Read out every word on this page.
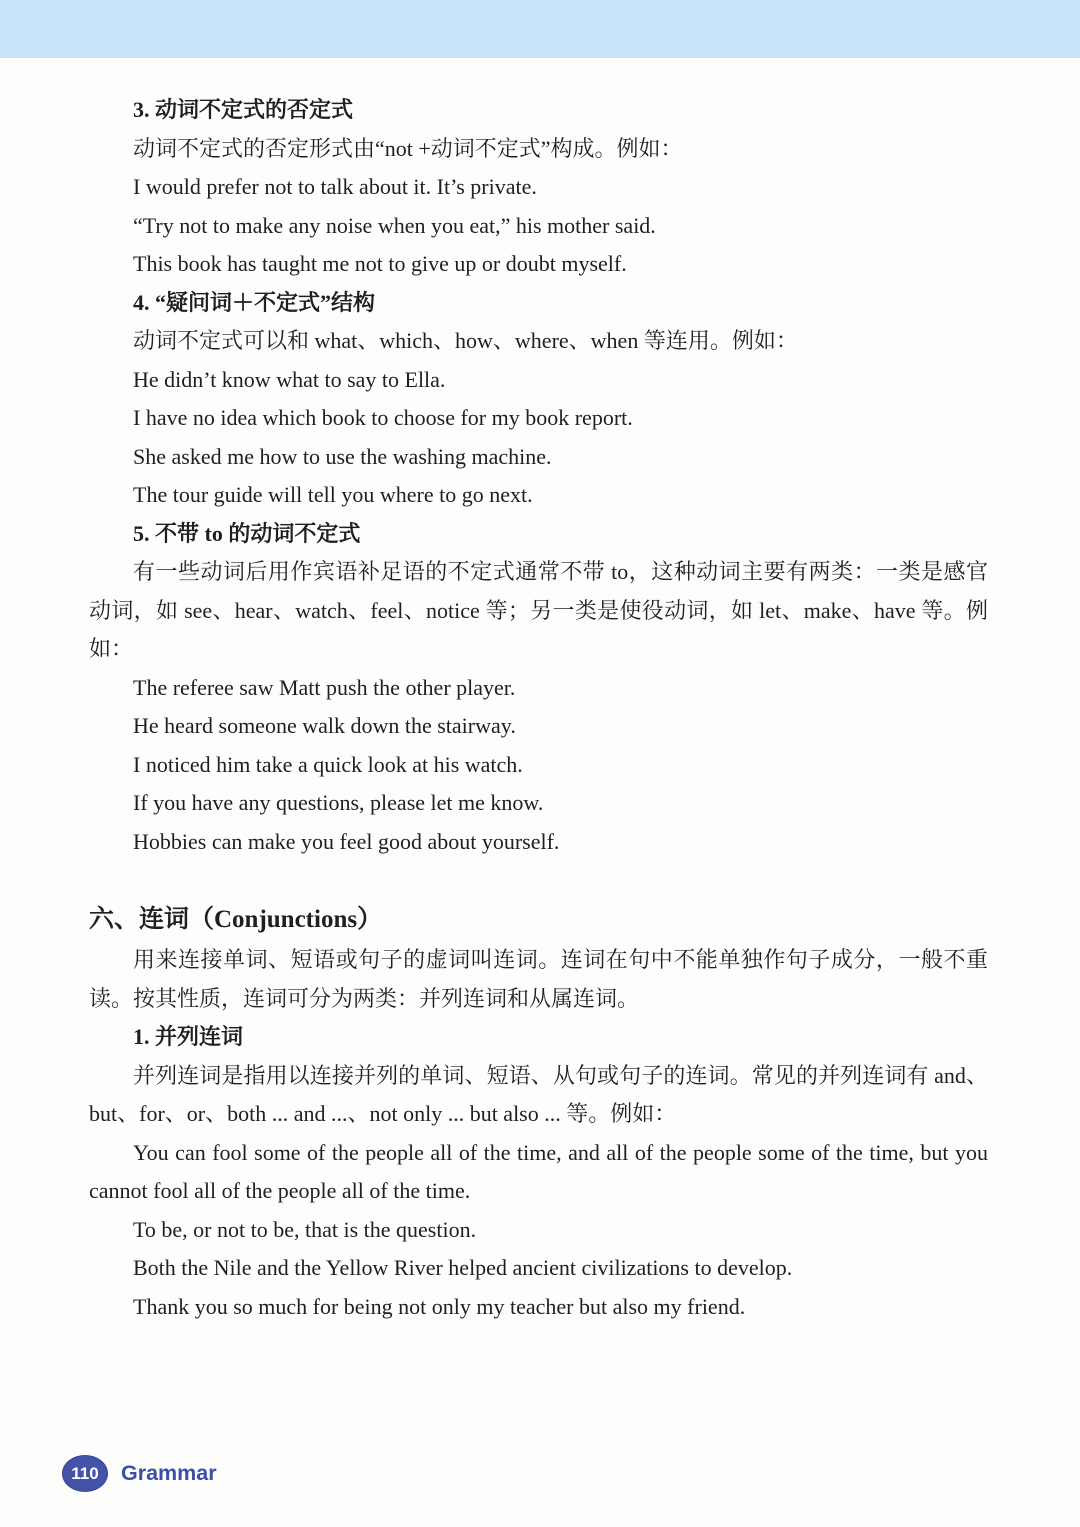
3. 动词不定式的否定式

动词不定式的否定形式由“not +动词不定式”构成。例如：

I would prefer not to talk about it. It’s private.

“Try not to make any noise when you eat,” his mother said.

This book has taught me not to give up or doubt myself.

4. “疑问词＋不定式”结构

动词不定式可以和 what、which、how、where、when 等连用。例如：

He didn’t know what to say to Ella.

I have no idea which book to choose for my book report.

She asked me how to use the washing machine.

The tour guide will tell you where to go next.

5. 不带 to 的动词不定式

有一些动词后用作宾语补足语的不定式通常不带 to，这种动词主要有两类：一类是感官动词，如 see、hear、watch、feel、notice 等；另一类是使役动词，如 let、make、have 等。例如：

The referee saw Matt push the other player.

He heard someone walk down the stairway.

I noticed him take a quick look at his watch.

If you have any questions, please let me know.

Hobbies can make you feel good about yourself.

六、连词（Conjunctions）

用来连接单词、短语或句子的虚词叫连词。连词在句中不能单独作句子成分，一般不重读。按其性质，连词可分为两类：并列连词和从属连词。

1. 并列连词

并列连词是指用以连接并列的单词、短语、从句或句子的连词。常见的并列连词有 and、but、for、or、both ... and ...、not only ... but also ... 等。例如：

You can fool some of the people all of the time, and all of the people some of the time, but you cannot fool all of the people all of the time.

To be, or not to be, that is the question.

Both the Nile and the Yellow River helped ancient civilizations to develop.

Thank you so much for being not only my teacher but also my friend.

110 Grammar
